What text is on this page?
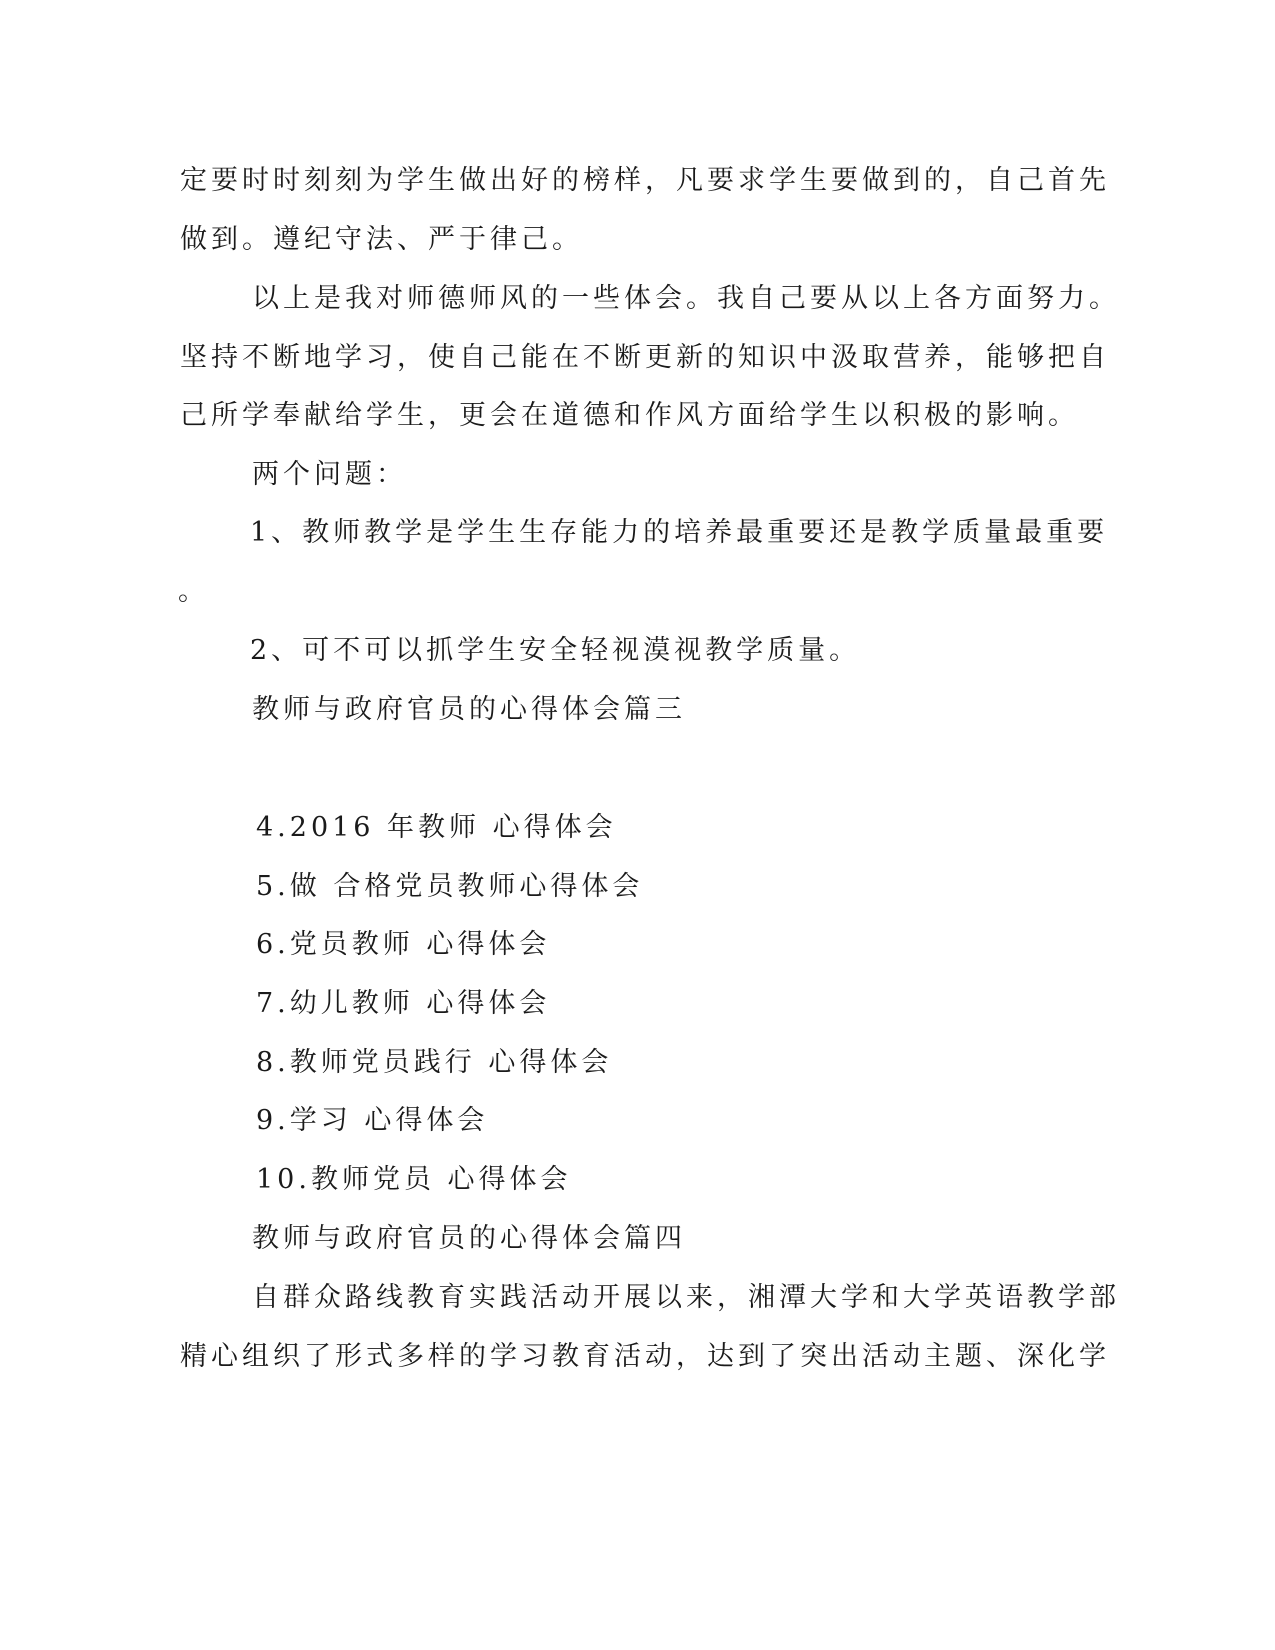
定要时时刻刻为学生做出好的榜样，凡要求学生要做到的，自己首先
做到。遵纪守法、严于律己。
以上是我对师德师风的一些体会。我自己要从以上各方面努力。
坚持不断地学习，使自己能在不断更新的知识中汲取营养，能够把自
己所学奉献给学生，更会在道德和作风方面给学生以积极的影响。
两个问题：
1、教师教学是学生生存能力的培养最重要还是教学质量最重要
。
2、可不可以抓学生安全轻视漠视教学质量。
教师与政府官员的心得体会篇三
4.2016 年教师 心得体会
5.做 合格党员教师心得体会
6.党员教师 心得体会
7.幼儿教师 心得体会
8.教师党员践行 心得体会
9.学习 心得体会
10.教师党员 心得体会
教师与政府官员的心得体会篇四
自群众路线教育实践活动开展以来，湘潭大学和大学英语教学部
精心组织了形式多样的学习教育活动，达到了突出活动主题、深化学
